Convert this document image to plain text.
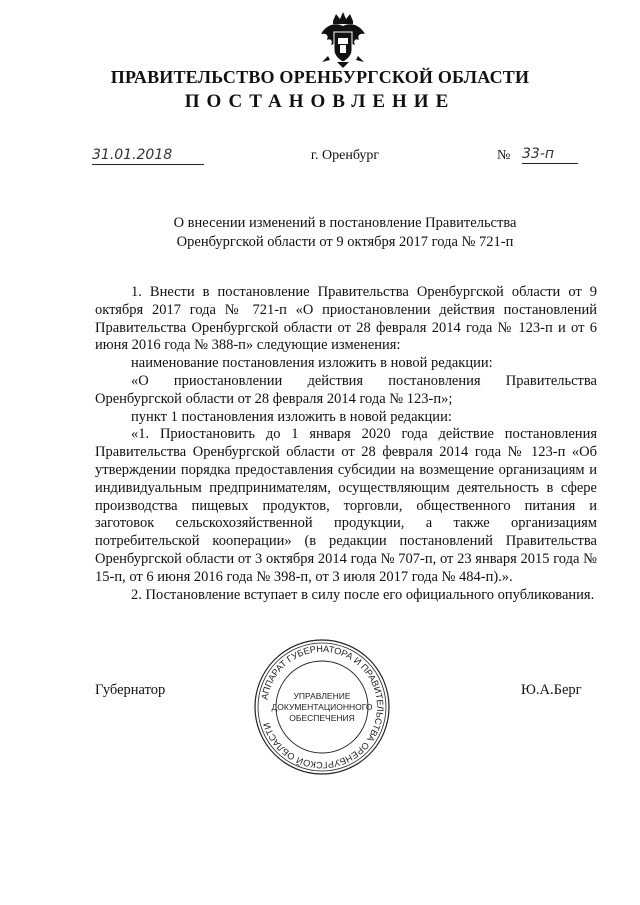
ПРАВИТЕЛЬСТВО ОРЕНБУРГСКОЙ ОБЛАСТИ
ПОСТАНОВЛЕНИЕ
31.01.2018	г. Оренбург	№ 33-п
О внесении изменений в постановление Правительства
Оренбургской области от 9 октября 2017 года № 721-п

1. Внести в постановление Правительства Оренбургской области от 9 октября 2017 года № 721-п «О приостановлении действия постановлений Правительства Оренбургской области от 28 февраля 2014 года № 123-п и от 6 июня 2016 года № 388-п» следующие изменения:

наименование постановления изложить в новой редакции:

«О приостановлении действия постановления Правительства Оренбургской области от 28 февраля 2014 года № 123-п»;

пункт 1 постановления изложить в новой редакции:

«1. Приостановить до 1 января 2020 года действие постановления Правительства Оренбургской области от 28 февраля 2014 года № 123-п «Об утверждении порядка предоставления субсидии на возмещение организациям и индивидуальным предпринимателям, осуществляющим деятельность в сфере производства пищевых продуктов, торговли, общественного питания и заготовок сельскохозяйственной продукции, а также организациям потребительской кооперации» (в редакции постановлений Правительства Оренбургской области от 3 октября 2014 года № 707-п, от 23 января 2015 года № 15-п, от 6 июня 2016 года № 398-п, от 3 июля 2017 года № 484-п).».

2. Постановление вступает в силу после его официального опубликования.

Губернатор	Ю.А.Берг
АППАРАТ ГУБЕРНАТОРА И ПРАВИТЕЛЬСТВА ОРЕНБУРГСКОЙ ОБЛАСТИ
УПРАВЛЕНИЕ
ДОКУМЕНТАЦИОННОГО
ОБЕСПЕЧЕНИЯ
